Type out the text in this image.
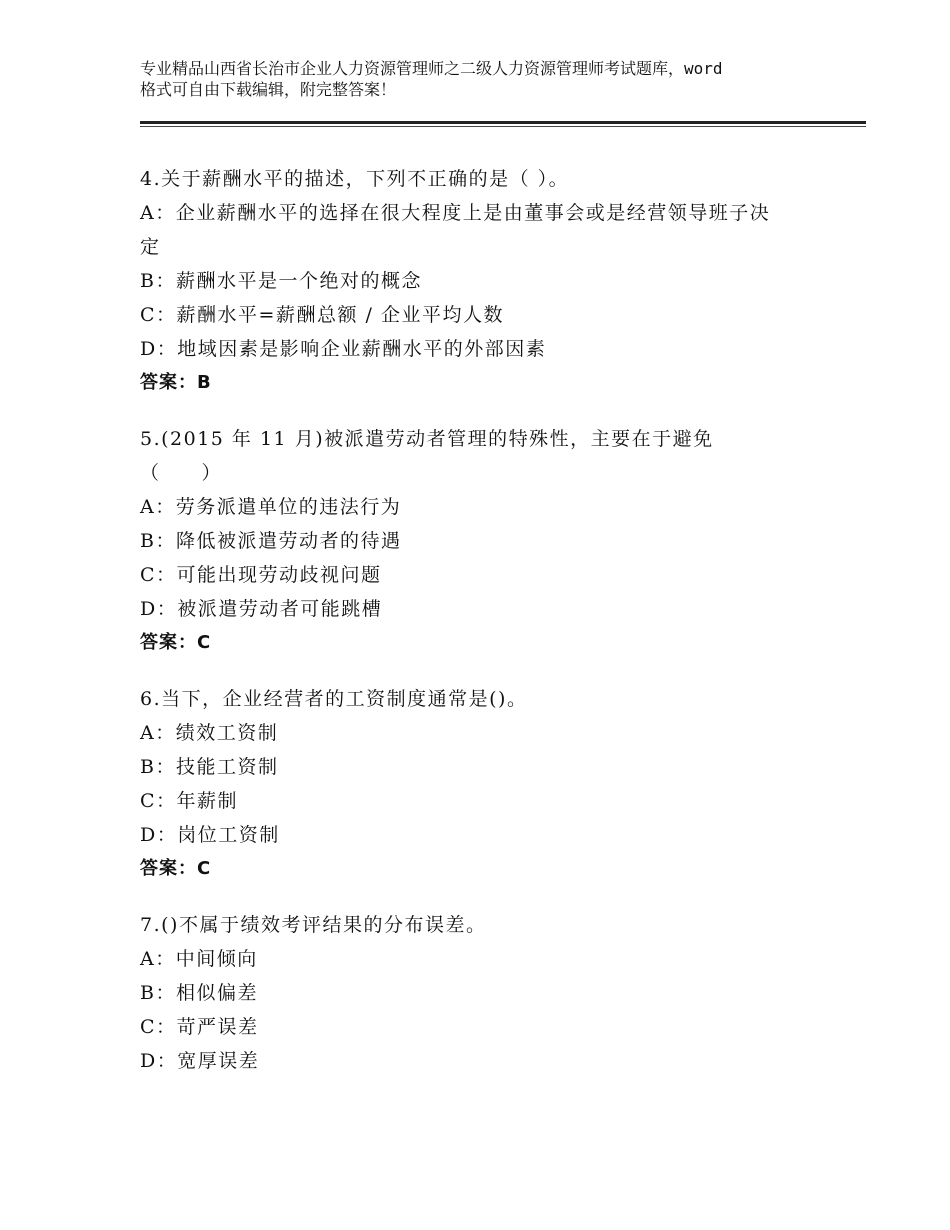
专业精品山西省长治市企业人力资源管理师之二级人力资源管理师考试题库，word
格式可自由下载编辑，附完整答案！
4.关于薪酬水平的描述，下列不正确的是（ ）。
A：企业薪酬水平的选择在很大程度上是由董事会或是经营领导班子决
定
B：薪酬水平是一个绝对的概念
C：薪酬水平=薪酬总额 / 企业平均人数
D：地域因素是影响企业薪酬水平的外部因素
答案：B
5.(2015 年 11 月)被派遣劳动者管理的特殊性，主要在于避免
（　　）
A：劳务派遣单位的违法行为
B：降低被派遣劳动者的待遇
C：可能出现劳动歧视问题
D：被派遣劳动者可能跳槽
答案：C
6.当下，企业经营者的工资制度通常是()。
A：绩效工资制
B：技能工资制
C：年薪制
D：岗位工资制
答案：C
7.()不属于绩效考评结果的分布误差。
A：中间倾向
B：相似偏差
C：苛严误差
D：宽厚误差
